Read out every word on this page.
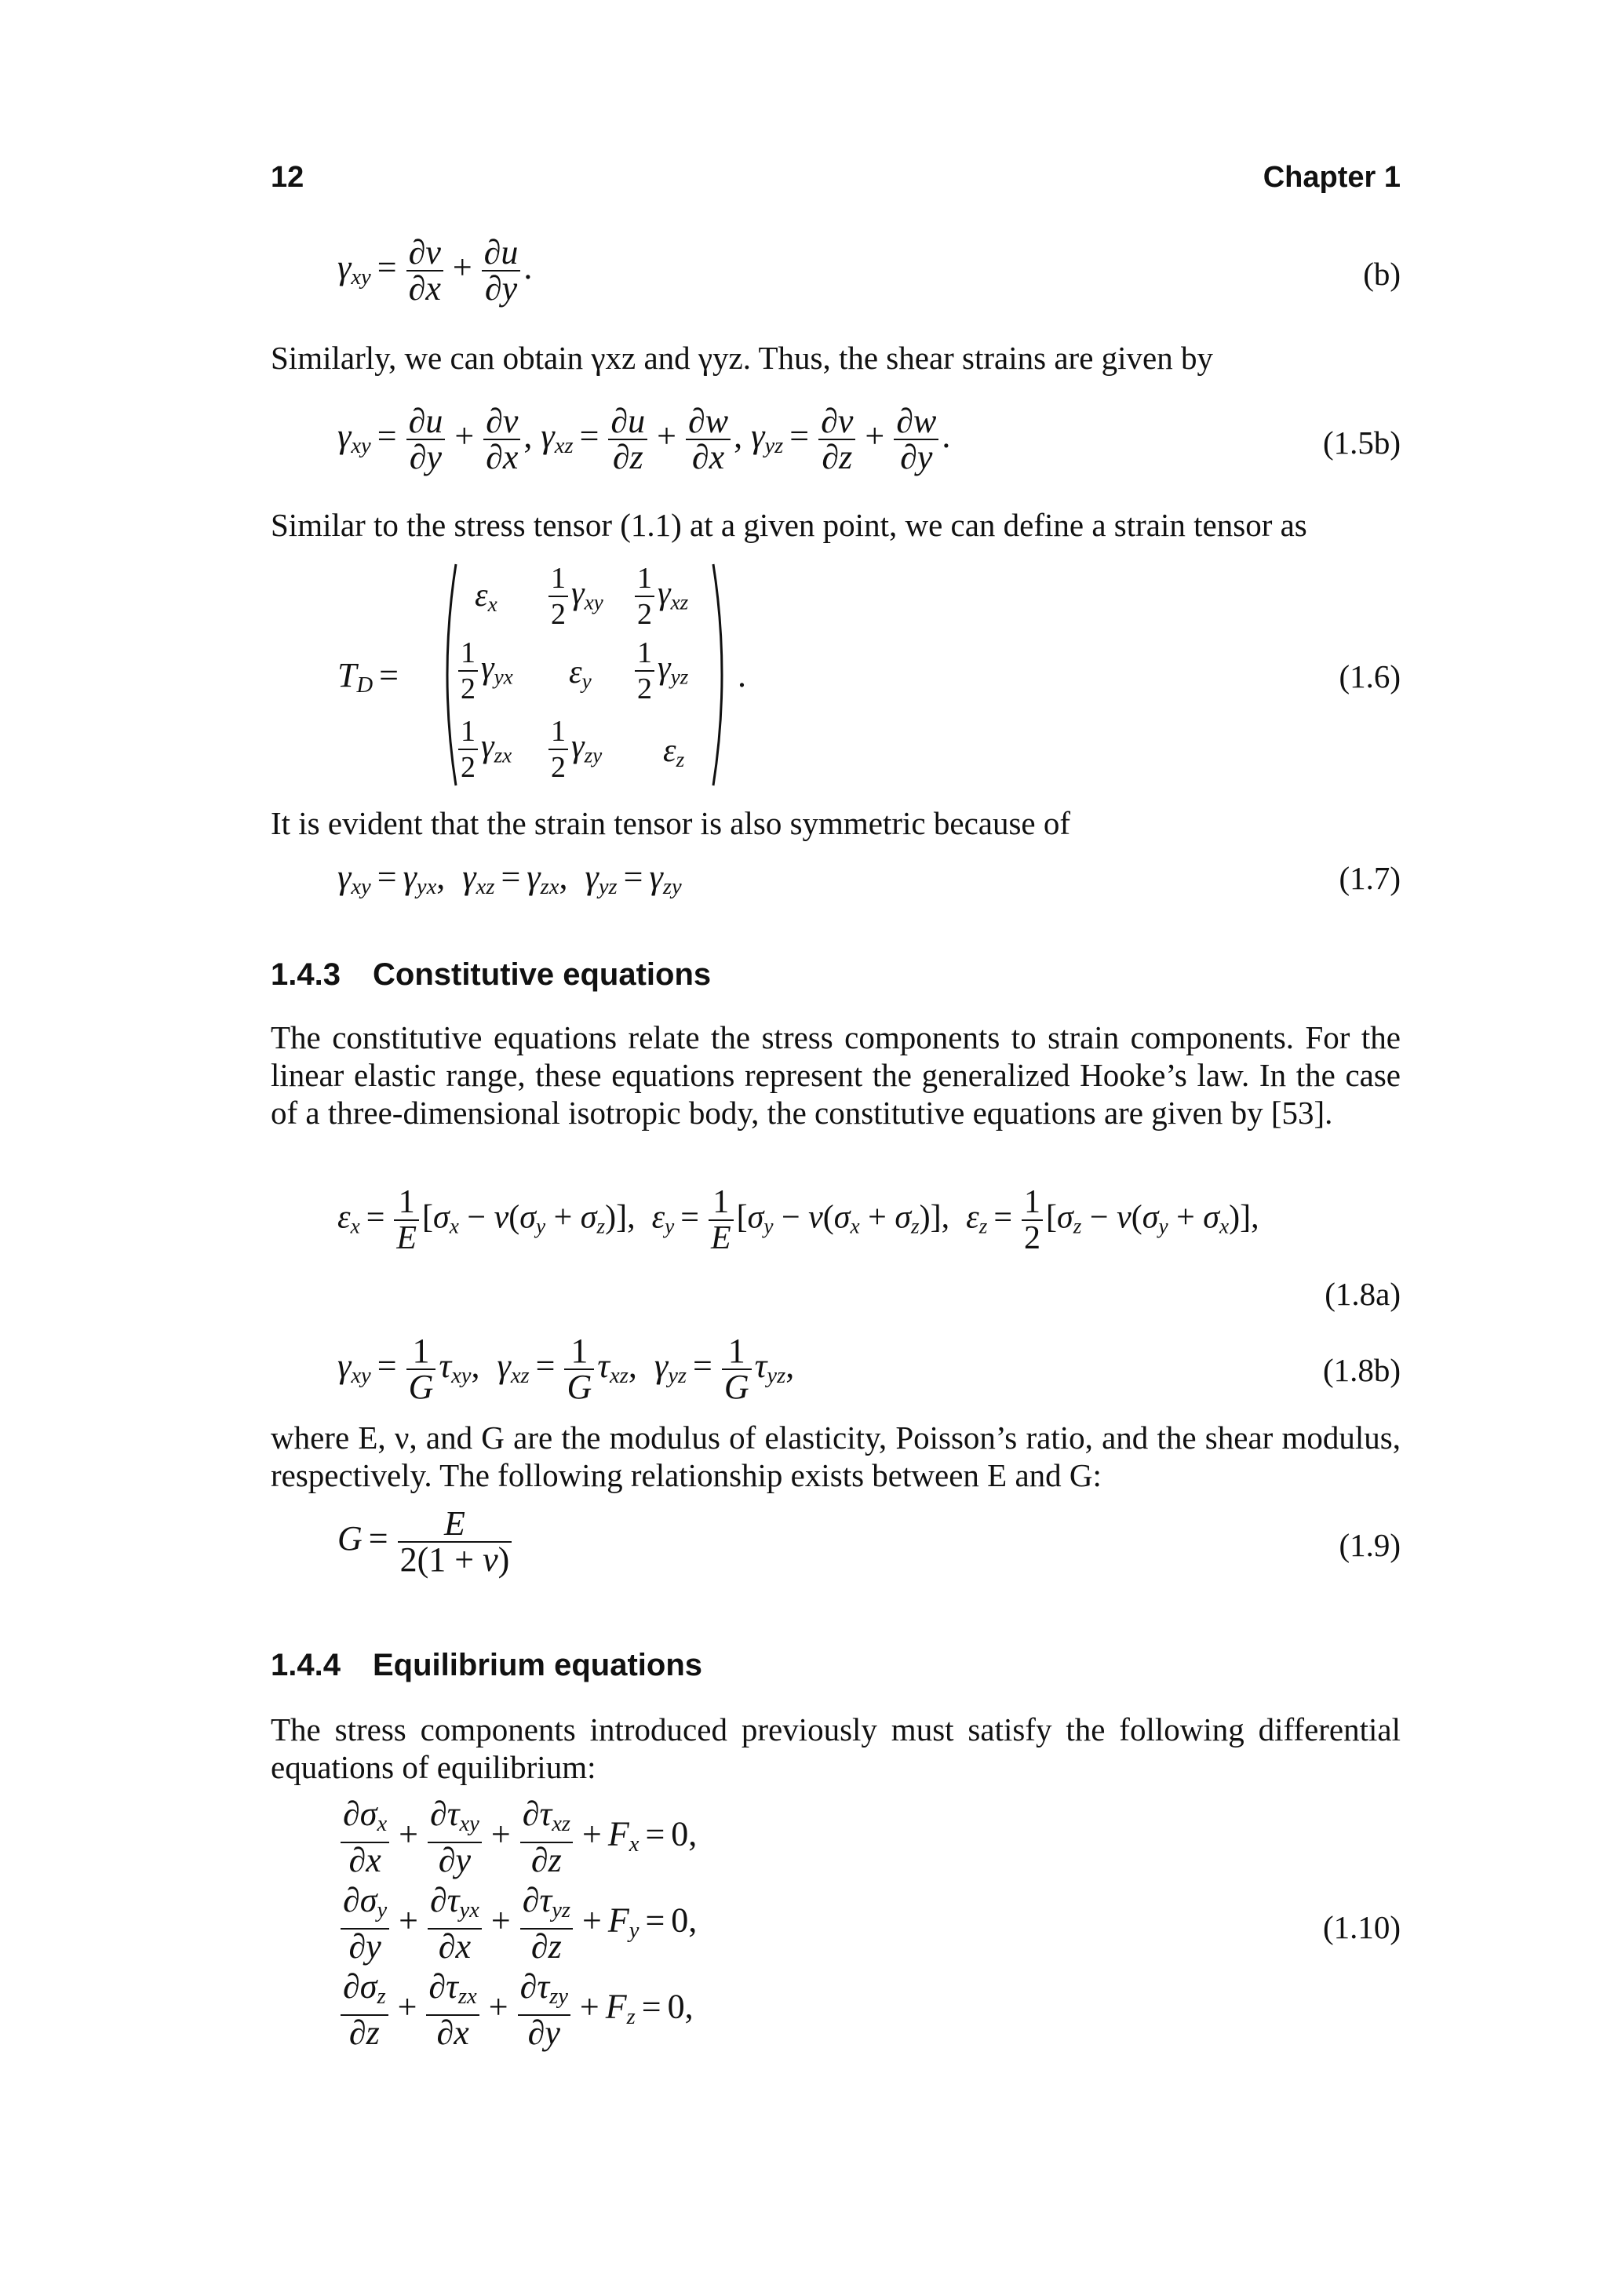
12	Chapter 1
$\gamma_{xy} = \frac{\partial v}{\partial x} + \frac{\partial u}{\partial y}$ .	(b)
Similarly, we can obtain γxz and γyz. Thus, the shear strains are given by
$\gamma_{xy} = \frac{\partial u}{\partial y} + \frac{\partial v}{\partial x}$ , $\gamma_{xz} = \frac{\partial u}{\partial z} + \frac{\partial w}{\partial x}$ , $\gamma_{yz} = \frac{\partial v}{\partial z} + \frac{\partial w}{\partial y}$ .	(1.5b)
Similar to the stress tensor (1.1) at a given point, we can define a strain tensor as
$T_D$ =
$\varepsilon_x \frac{1}{2} \gamma_{xy} \frac{1}{2} \gamma_{xz}$
$\frac{1}{2} \gamma_{yx}$ $\varepsilon_y \frac{1}{2} \gamma_{yz}$
$\frac{1}{2} \gamma_{zx} \frac{1}{2} \gamma_{zy}$ $\varepsilon_z$
.	(1.6)
It is evident that the strain tensor is also symmetric because of
$\gamma_{xy} = \gamma_{yx}$,  $\gamma_{xz} = \gamma_{zx}$,  $\gamma_{yz} = \gamma_{zy}$	(1.7)
1.4.3 Constitutive equations
The constitutive equations relate the stress components to strain components. For the linear elastic range, these equations represent the generalized Hooke’s law. In the case of a three-dimensional isotropic body, the constitutive equations are given by [53].
$\varepsilon_x = \frac{1}{E} [\sigma_x - \nu(\sigma_y + \sigma_z)]$,  $\varepsilon_y = \frac{1}{E} [\sigma_y - \nu(\sigma_x + \sigma_z)]$,  $\varepsilon_z = \frac{1}{2} [\sigma_z - \nu(\sigma_y + \sigma_x)]$,
(1.8a)
$\gamma_{xy} = \frac{1}{G} \tau_{xy}$,  $\gamma_{xz} = \frac{1}{G} \tau_{xz}$,  $\gamma_{yz} = \frac{1}{G} \tau_{yz}$,	(1.8b)
where E, ν, and G are the modulus of elasticity, Poisson’s ratio, and the shear modulus, respectively. The following relationship exists between E and G:
$G = \frac{E}{2(1 + \nu)}$	(1.9)
1.4.4 Equilibrium equations
The stress components introduced previously must satisfy the following differential equations of equilibrium:
$\frac{\partial\sigma_x}{\partial x}$ +
$\partial\tau_{xy}$
∂y
+
$\partial\tau_{xz}$
∂z
+ $F_x = 0$,
$\frac{\partial\sigma_y}{\partial y}$ +
$\partial\tau_{yx}$
∂x
+
$\partial\tau_{yz}$
∂z
+ $F_y = 0$,
$\frac{\partial\sigma_z}{\partial z}$ +
$\partial\tau_{zx}$
∂x
+
$\partial\tau_{zy}$
∂y
+ $F_z = 0$,
(1.10)
